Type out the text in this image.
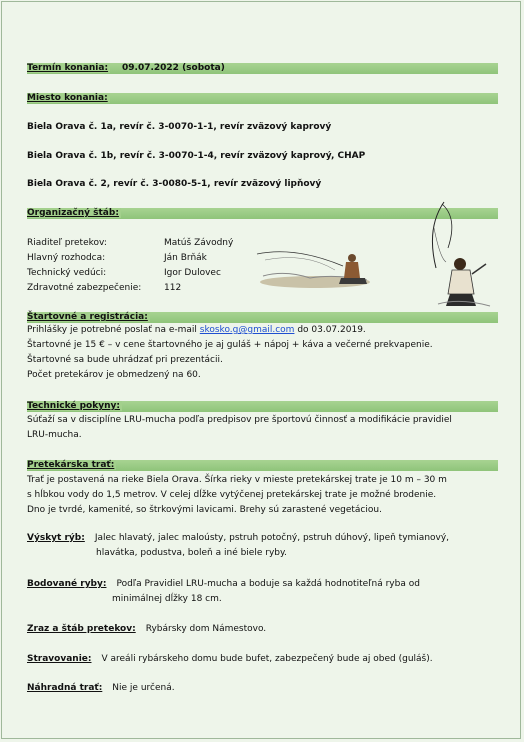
Termín konania: 09.07.2022 (sobota)
Miesto konania:
Biela Orava č. 1a, revír č. 3-0070-1-1, revír zväzový kaprový
Biela Orava č. 1b, revír č. 3-0070-1-4, revír zväzový kaprový, CHAP
Biela Orava č. 2, revír č. 3-0080-5-1, revír zväzový lipňový
Organizačný štáb:
Riaditeľ pretekov:	Matúš Závodný
Hlavný rozhodca:	Ján Brňák
Technický vedúci:	Igor Dulovec
Zdravotné zabezpečenie:	112
Štartovné a registrácia:
Prihlášky je potrebné poslať na e-mail skosko.g@gmail.com do 03.07.2019.
Štartovné je 15 € – v cene štartovného je aj guláš + nápoj + káva a večerné prekvapenie.
Štartovné sa bude uhrádzať pri prezentácii.
Počet pretekárov je obmedzený na 60.
Technické pokyny:
Súťaží sa v disciplíne LRU-mucha podľa predpisov pre športovú činnosť a modifikácie pravidiel
LRU-mucha.
Pretekárska trať:
Trať je postavená na rieke Biela Orava. Šírka rieky v mieste pretekárskej trate je 10 m – 30 m
s hĺbkou vody do 1,5 metrov. V celej dĺžke vytýčenej pretekárskej trate je možné brodenie.
Dno je tvrdé, kamenité, so štrkovými lavicami. Brehy sú zarastené vegetáciou.
Výskyt rýb: Jalec hlavatý, jalec maloústy, pstruh potočný, pstruh dúhový, lipeň tymianový,
hlavátka, podustva, boleň a iné biele ryby.
Bodované ryby: Podľa Pravidiel LRU-mucha a boduje sa každá hodnotiteľná ryba od
minimálnej dĺžky 18 cm.
Zraz a štáb pretekov: Rybársky dom Námestovo.
Stravovanie: V areáli rybárskeho domu bude bufet, zabezpečený bude aj obed (guláš).
Náhradná trať: Nie je určená.
